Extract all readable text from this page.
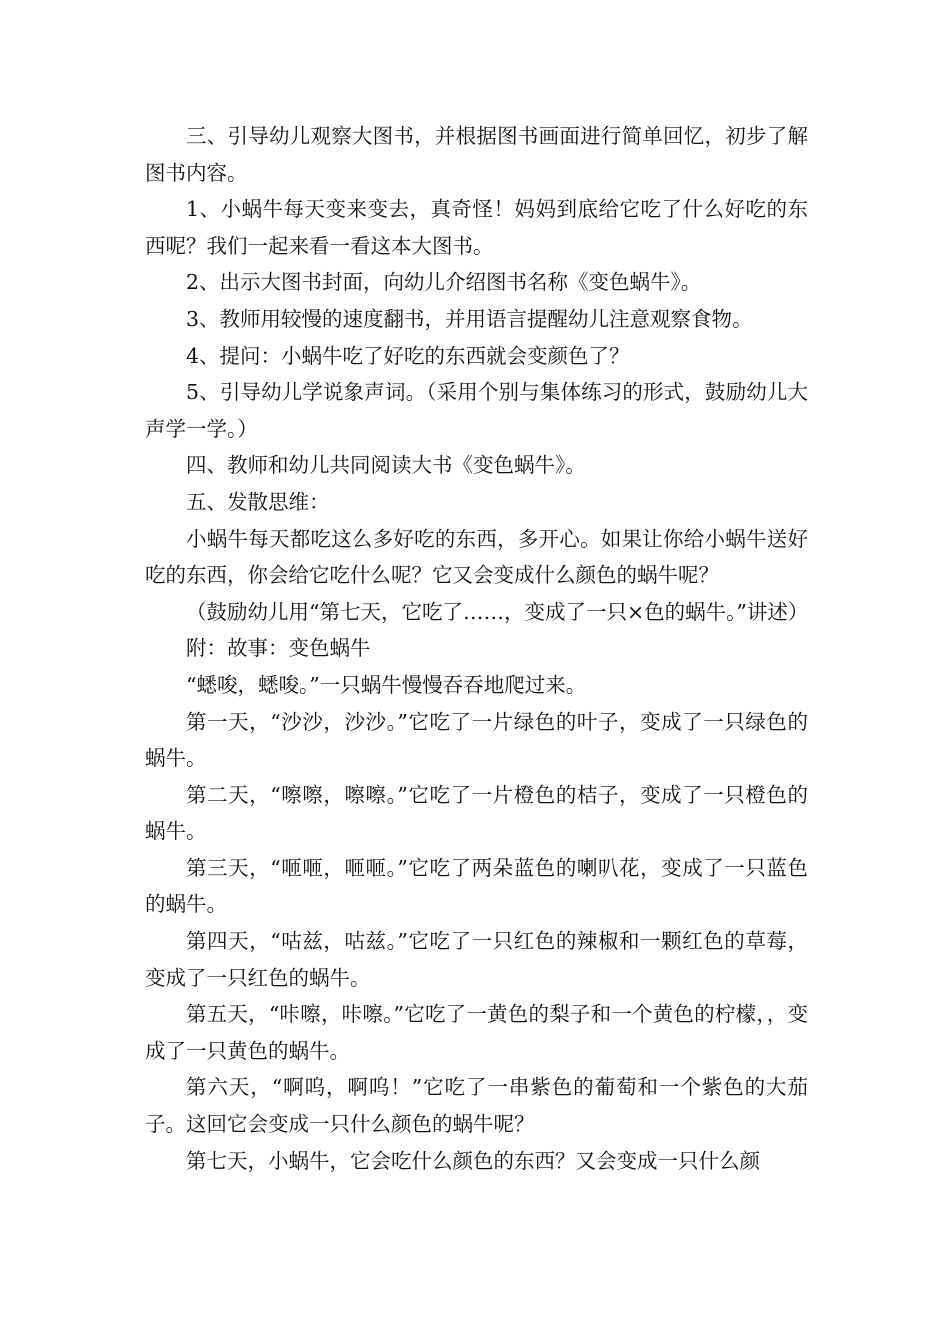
三、引导幼儿观察大图书，并根据图书画面进行简单回忆，初步了解图书内容。

1、小蜗牛每天变来变去，真奇怪！妈妈到底给它吃了什么好吃的东西呢？我们一起来看一看这本大图书。

2、出示大图书封面，向幼儿介绍图书名称《变色蜗牛》。

3、教师用较慢的速度翻书，并用语言提醒幼儿注意观察食物。

4、提问：小蜗牛吃了好吃的东西就会变颜色了？

5、引导幼儿学说象声词。（采用个别与集体练习的形式，鼓励幼儿大声学一学。）

四、教师和幼儿共同阅读大书《变色蜗牛》。

五、发散思维：

小蜗牛每天都吃这么多好吃的东西，多开心。如果让你给小蜗牛送好吃的东西，你会给它吃什么呢？它又会变成什么颜色的蜗牛呢？

（鼓励幼儿用“第七天，它吃了……，变成了一只×色的蜗牛。”讲述）

附：故事：变色蜗牛

“蟋唆，蟋唆。”一只蜗牛慢慢吞吞地爬过来。

第一天，“沙沙，沙沙。”它吃了一片绿色的叶子，变成了一只绿色的蜗牛。

第二天，“嚓嚓，嚓嚓。”它吃了一片橙色的桔子，变成了一只橙色的蜗牛。

第三天，“咂咂，咂咂。”它吃了两朵蓝色的喇叭花，变成了一只蓝色的蜗牛。

第四天，“咕兹，咕兹。”它吃了一只红色的辣椒和一颗红色的草莓，变成了一只红色的蜗牛。

第五天，“咔嚓，咔嚓。”它吃了一黄色的梨子和一个黄色的柠檬，，变成了一只黄色的蜗牛。

第六天，“啊呜，啊呜！”它吃了一串紫色的葡萄和一个紫色的大茄子。这回它会变成一只什么颜色的蜗牛呢？

第七天，小蜗牛，它会吃什么颜色的东西？又会变成一只什么颜
